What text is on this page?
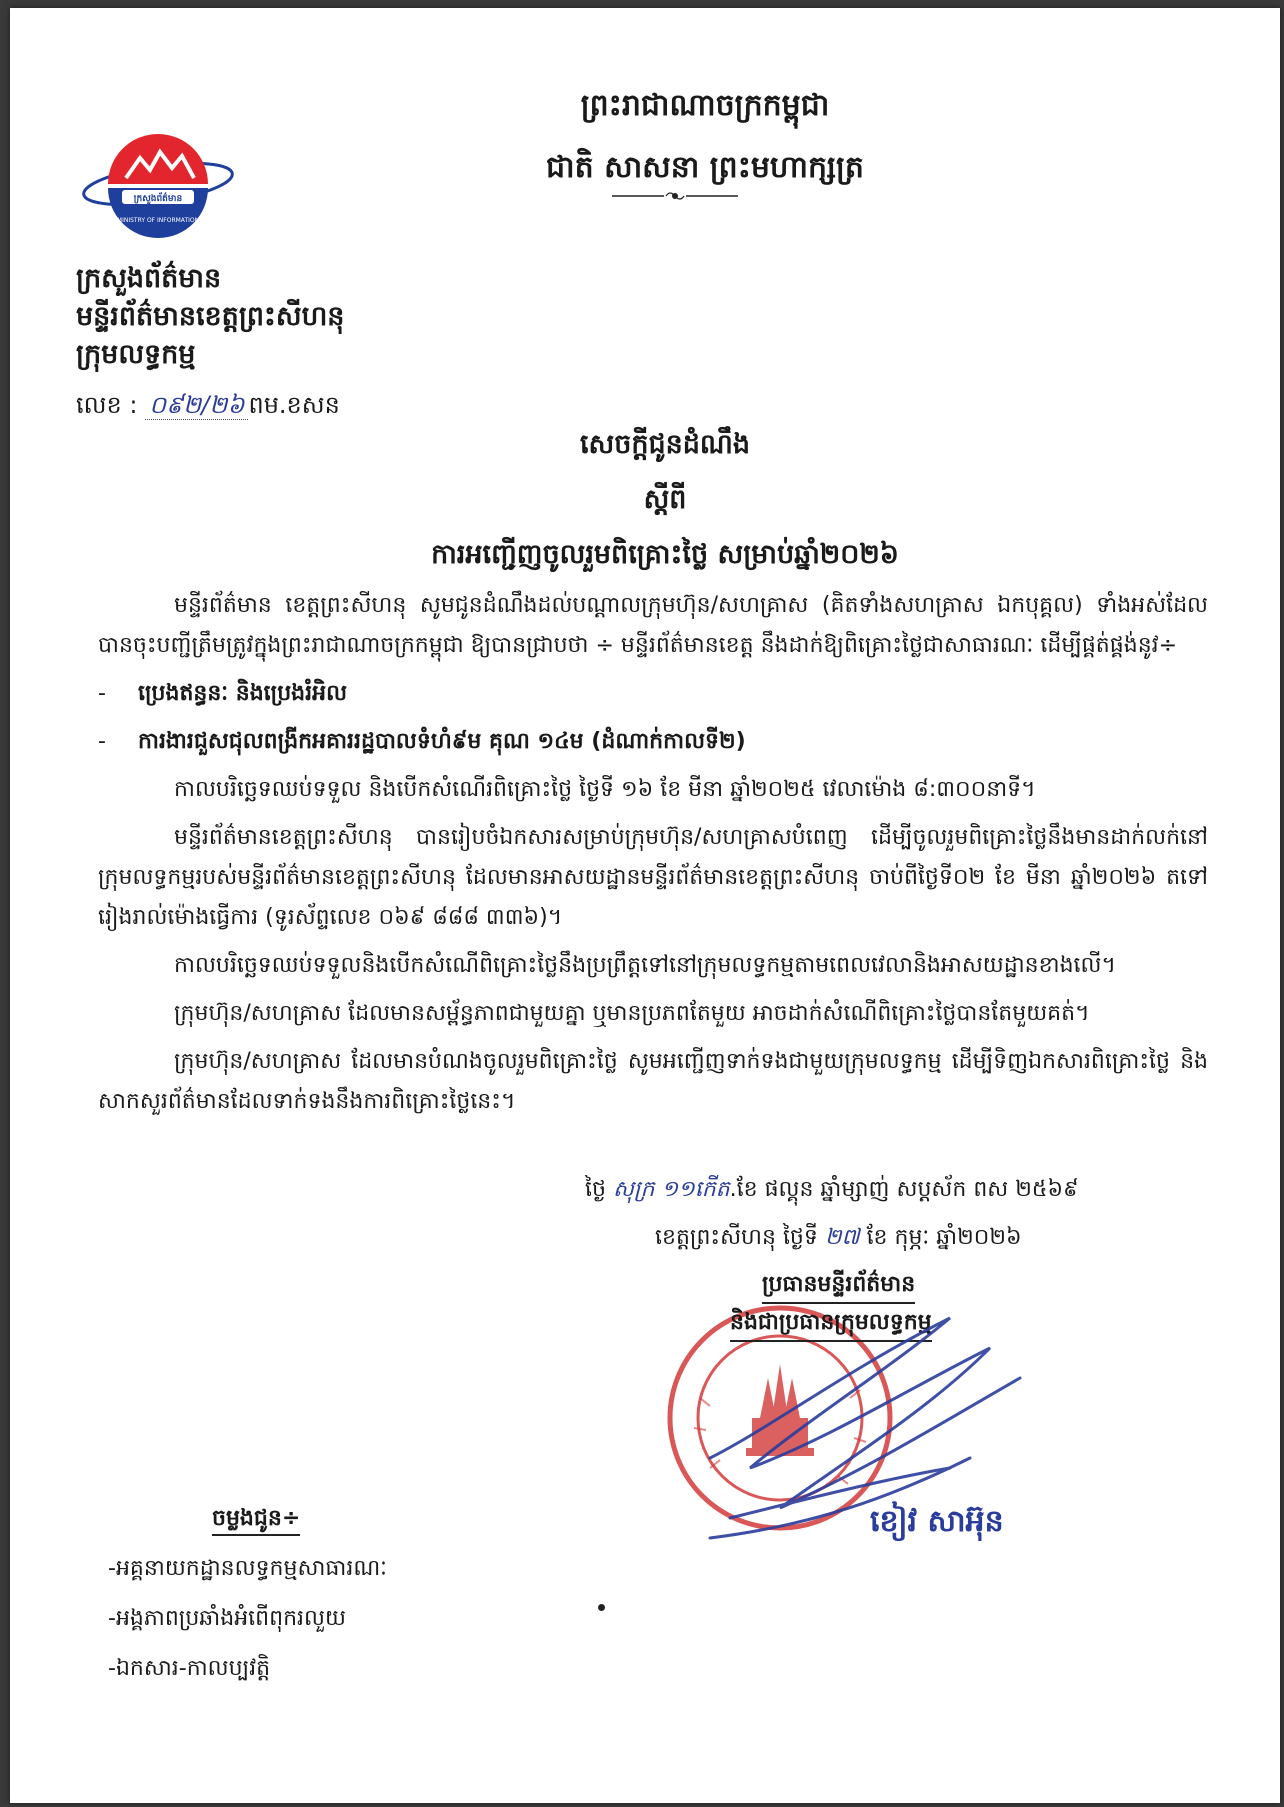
ព្រះរាជាណាចក្រកម្ពុជា
ជាតិ សាសនា ព្រះមហាក្សត្រ
ក្រសួងព័ត៌មាន
MINISTRY OF INFORMATION
ក្រសួងព័ត៌មាន
មន្ទីរព័ត៌មានខេត្តព្រះសីហនុ
ក្រុមលទ្ធកម្ម
លេខ : ០៩២/២៦ ពម.ខសន
សេចក្តីជូនដំណឹង
ស្តីពី
ការអញ្ជើញចូលរួមពិគ្រោះថ្លៃ សម្រាប់ឆ្នាំ២០២៦

មន្ទីរព័ត៌មាន ខេត្តព្រះសីហនុ សូមជូនដំណឹងដល់បណ្តាលក្រុមហ៊ុន/សហគ្រាស (គិតទាំងសហគ្រាស ឯកបុគ្គល) ទាំងអស់ដែលបានចុះបញ្ជីត្រឹមត្រូវក្នុងព្រះរាជាណាចក្រកម្ពុជា ឱ្យបានជ្រាបថា ÷ មន្ទីរព័ត៌មានខេត្ត នឹងដាក់ឱ្យពិគ្រោះថ្លៃជាសាធារណៈ ដើម្បីផ្គត់ផ្គង់នូវ÷

- ប្រេងឥន្ធនៈ និងប្រេងរំអិល

- ការងារជួសជុលពង្រីកអគាររដ្ឋបាលទំហំ៩ម គុណ ១៤ម (ដំណាក់កាលទី២)

កាលបរិច្ឆេទឈប់ទទួល និងបើកសំណើរពិគ្រោះថ្លៃ ថ្ងៃទី ១៦ ខែ មីនា ឆ្នាំ២០២៥ វេលាម៉ោង ៨:៣០០នាទី។

មន្ទីរព័ត៌មានខេត្តព្រះសីហនុ បានរៀបចំឯកសារសម្រាប់ក្រុមហ៊ុន/សហគ្រាសបំពេញ ដើម្បីចូលរួមពិគ្រោះថ្លៃនឹងមានដាក់លក់នៅក្រុមលទ្ធកម្មរបស់មន្ទីរព័ត៌មានខេត្តព្រះសីហនុ ដែលមានអាសយដ្ឋានមន្ទីរព័ត៌មានខេត្តព្រះសីហនុ ចាប់ពីថ្ងៃទី០២ ខែ មីនា ឆ្នាំ២០២៦ តទៅរៀងរាល់ម៉ោងធ្វើការ (ទូរស័ព្ទលេខ ០៦៩ ៨៨៨ ៣៣៦)។

កាលបរិច្ឆេទឈប់ទទួលនិងបើកសំណើពិគ្រោះថ្លៃនឹងប្រព្រឹត្តទៅនៅក្រុមលទ្ធកម្មតាមពេលវេលានិងអាសយដ្ឋានខាងលើ។

ក្រុមហ៊ុន/សហគ្រាស ដែលមានសម្ព័ន្ធភាពជាមួយគ្នា ឬមានប្រភពតែមួយ អាចដាក់សំណើពិគ្រោះថ្លៃបានតែមួយគត់។

ក្រុមហ៊ុន/សហគ្រាស ដែលមានបំណងចូលរួមពិគ្រោះថ្លៃ សូមអញ្ជើញទាក់ទងជាមួយក្រុមលទ្ធកម្ម ដើម្បីទិញឯកសារពិគ្រោះថ្លៃ និងសាកសួរព័ត៌មានដែលទាក់ទងនឹងការពិគ្រោះថ្លៃនេះ។

ថ្ងៃ សុក្រ ១១កើត.ខែ ផល្គុន ឆ្នាំម្សាញ់ សប្តស័ក ពស ២៥៦៩
ខេត្តព្រះសីហនុ ថ្ងៃទី ២៧ ខែ កុម្ភៈ ឆ្នាំ២០២៦
ប្រធានមន្ទីរព័ត៌មាន
និងជាប្រធានក្រុមលទ្ធកម្ម
ខៀវ សាអ៊ុន
ចម្លងជូន÷

-អគ្គនាយកដ្ឋានលទ្ធកម្មសាធារណៈ

-អង្គភាពប្រឆាំងអំពើពុករលួយ

-ឯកសារ-កាលប្បវត្តិ
